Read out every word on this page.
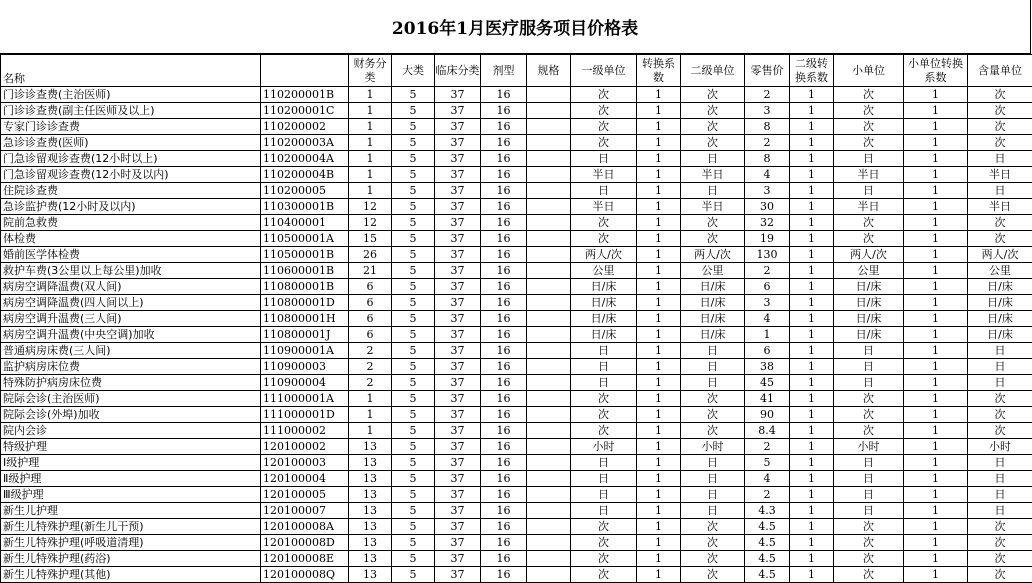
2016年1月医疗服务项目价格表
名称		财务分类	大类	临床分类	剂型	规格	一级单位	转换系数	二级单位	零售价	二级转换系数	小单位	小单位转换系数	含量单位
门诊诊查费(主治医师)	110200001B	1	5	37	16		次	1	次	2	1	次	1	次
门诊诊查费(副主任医师及以上)	110200001C	1	5	37	16		次	1	次	3	1	次	1	次
专家门诊诊查费	110200002	1	5	37	16		次	1	次	8	1	次	1	次
急诊诊查费(医师)	110200003A	1	5	37	16		次	1	次	2	1	次	1	次
门急诊留观诊查费(12小时以上)	110200004A	1	5	37	16		日	1	日	8	1	日	1	日
门急诊留观诊查费(12小时及以内)	110200004B	1	5	37	16		半日	1	半日	4	1	半日	1	半日
住院诊查费	110200005	1	5	37	16		日	1	日	3	1	日	1	日
急诊监护费(12小时及以内)	110300001B	12	5	37	16		半日	1	半日	30	1	半日	1	半日
院前急救费	110400001	12	5	37	16		次	1	次	32	1	次	1	次
体检费	110500001A	15	5	37	16		次	1	次	19	1	次	1	次
婚前医学体检费	110500001B	26	5	37	16		两人/次	1	两人/次	130	1	两人/次	1	两人/次
救护车费(3公里以上每公里)加收	110600001B	21	5	37	16		公里	1	公里	2	1	公里	1	公里
病房空调降温费(双人间)	110800001B	6	5	37	16		日/床	1	日/床	6	1	日/床	1	日/床
病房空调降温费(四人间以上)	110800001D	6	5	37	16		日/床	1	日/床	3	1	日/床	1	日/床
病房空调升温费(三人间)	110800001H	6	5	37	16		日/床	1	日/床	4	1	日/床	1	日/床
病房空调升温费(中央空调)加收	110800001J	6	5	37	16		日/床	1	日/床	1	1	日/床	1	日/床
普通病房床费(三人间)	110900001A	2	5	37	16		日	1	日	6	1	日	1	日
监护病房床位费	110900003	2	5	37	16		日	1	日	38	1	日	1	日
特殊防护病房床位费	110900004	2	5	37	16		日	1	日	45	1	日	1	日
院际会诊(主治医师)	111000001A	1	5	37	16		次	1	次	41	1	次	1	次
院际会诊(外埠)加收	111000001D	1	5	37	16		次	1	次	90	1	次	1	次
院内会诊	111000002	1	5	37	16		次	1	次	8.4	1	次	1	次
特级护理	120100002	13	5	37	16		小时	1	小时	2	1	小时	1	小时
Ⅰ级护理	120100003	13	5	37	16		日	1	日	5	1	日	1	日
Ⅱ级护理	120100004	13	5	37	16		日	1	日	4	1	日	1	日
Ⅲ级护理	120100005	13	5	37	16		日	1	日	2	1	日	1	日
新生儿护理	120100007	13	5	37	16		日	1	日	4.3	1	日	1	日
新生儿特殊护理(新生儿干预)	120100008A	13	5	37	16		次	1	次	4.5	1	次	1	次
新生儿特殊护理(呼吸道清理)	120100008D	13	5	37	16		次	1	次	4.5	1	次	1	次
新生儿特殊护理(药浴)	120100008E	13	5	37	16		次	1	次	4.5	1	次	1	次
新生儿特殊护理(其他)	120100008Q	13	5	37	16		次	1	次	4.5	1	次	1	次
